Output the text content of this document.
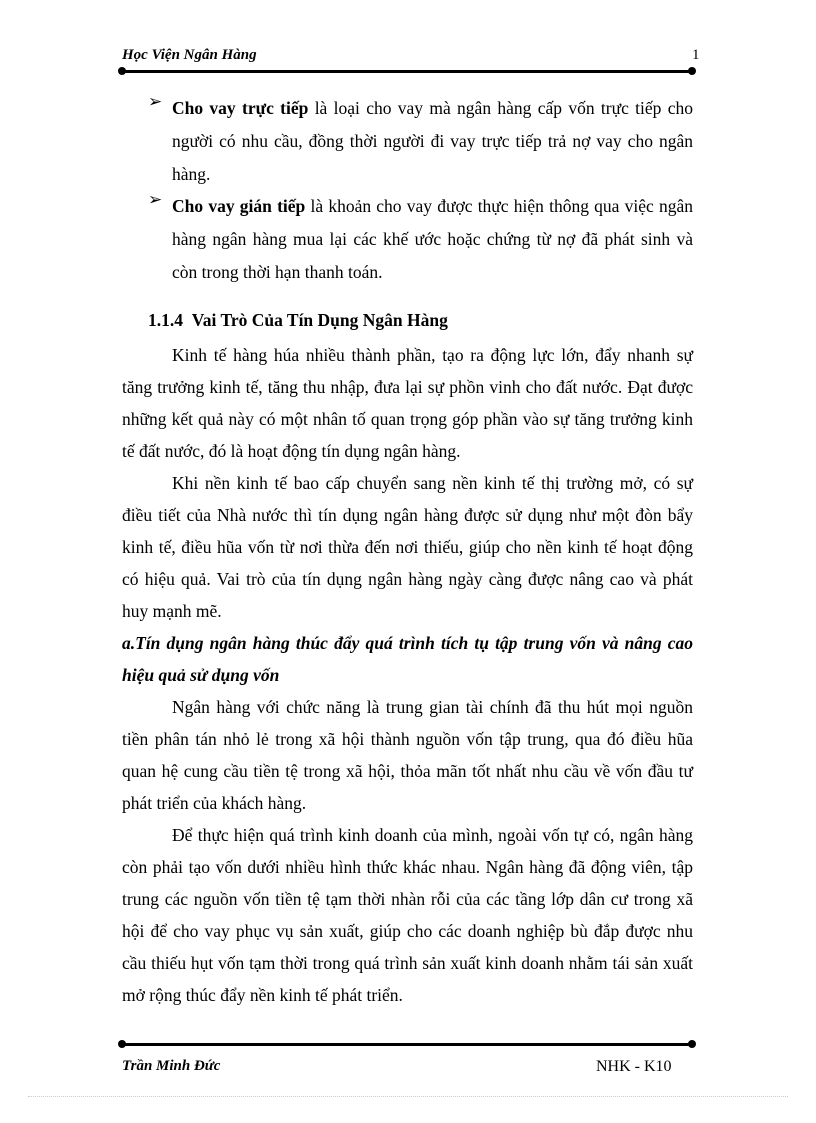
Học Viện Ngân Hàng	1
➢ Cho vay trực tiếp là loại cho vay mà ngân hàng cấp vốn trực tiếp cho người có nhu cầu, đồng thời người đi vay trực tiếp trả nợ vay cho ngân hàng.
➢ Cho vay gián tiếp là khoản cho vay được thực hiện thông qua việc ngân hàng ngân hàng mua lại các khế ước hoặc chứng từ nợ đã phát sinh và còn trong thời hạn thanh toán.
1.1.4 Vai Trò Của Tín Dụng Ngân Hàng

Kinh tế hàng húa nhiều thành phần, tạo ra động lực lớn, đẩy nhanh sự tăng trưởng kinh tế, tăng thu nhập, đưa lại sự phồn vinh cho đất nước. Đạt được những kết quả này có một nhân tố quan trọng góp phần vào sự tăng trưởng kinh tế đất nước, đó là hoạt động tín dụng ngân hàng.

Khi nền kinh tế bao cấp chuyển sang nền kinh tế thị trường mở, có sự điều tiết của Nhà nước thì tín dụng ngân hàng được sử dụng như một đòn bẩy kinh tế, điều hũa vốn từ nơi thừa đến nơi thiếu, giúp cho nền kinh tế hoạt động có hiệu quả. Vai trò của tín dụng ngân hàng ngày càng được nâng cao và phát huy mạnh mẽ.

a.Tín dụng ngân hàng thúc đẩy quá trình tích tụ tập trung vốn và nâng cao hiệu quả sử dụng vốn

Ngân hàng với chức năng là trung gian tài chính đã thu hút mọi nguồn tiền phân tán nhỏ lẻ trong xã hội thành nguồn vốn tập trung, qua đó điều hũa quan hệ cung cầu tiền tệ trong xã hội, thỏa mãn tốt nhất nhu cầu về vốn đầu tư phát triển của khách hàng.

Để thực hiện quá trình kinh doanh của mình, ngoài vốn tự có, ngân hàng còn phải tạo vốn dưới nhiều hình thức khác nhau. Ngân hàng đã động viên, tập trung các nguồn vốn tiền tệ tạm thời nhàn rỗi của các tầng lớp dân cư trong xã hội để cho vay phục vụ sản xuất, giúp cho các doanh nghiệp bù đắp được nhu cầu thiếu hụt vốn tạm thời trong quá trình sản xuất kinh doanh nhằm tái sản xuất mở rộng thúc đẩy nền kinh tế phát triển.

Trần Minh Đức	NHK - K10
